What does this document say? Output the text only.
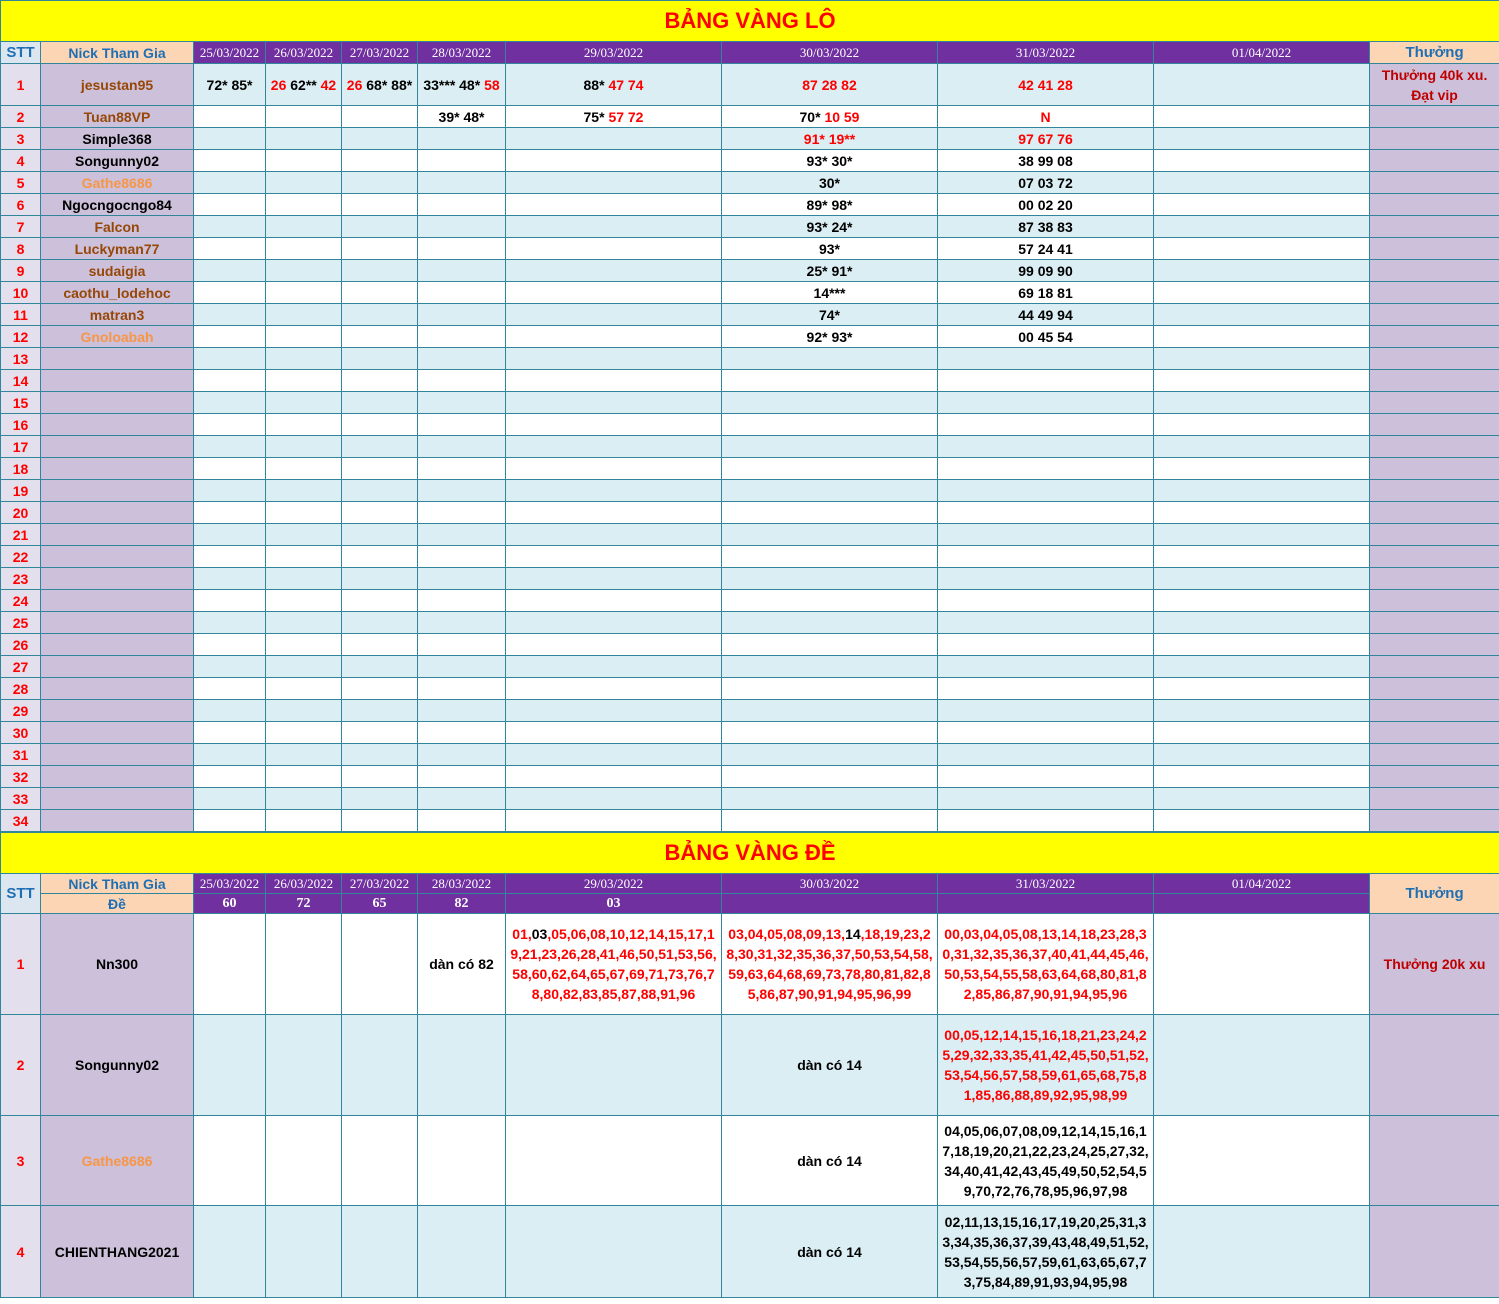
BẢNG VÀNG LÔ										
STT	Nick Tham Gia	25/03/2022	26/03/2022	27/03/2022	28/03/2022	29/03/2022	30/03/2022	31/03/2022	01/04/2022	Thưởng
1	jesustan95	72* 85*	26 62** 42	26 68* 88*	33*** 48* 58	88* 47 74	87 28 82	42 41 28		Thưởng 40k xu. Đạt vip
2	Tuan88VP				39* 48*	75* 57 72	70* 10 59	N		
3	Simple368						91* 19**	97 67 76		
4	Songunny02						93* 30*	38 99 08		
5	Gathe8686						30*	07 03 72		
6	Ngocngocngo84						89* 98*	00 02 20		
7	Falcon						93* 24*	87 38 83		
8	Luckyman77						93*	57 24 41		
9	sudaigia						25* 91*	99 09 90		
10	caothu_lodehoc						14***	69 18 81		
11	matran3						74*	44 49 94		
12	Gnoloabah						92* 93*	00 45 54		
13										
14										
15										
16										
17										
18										
19										
20										
21										
22										
23										
24										
25										
26										
27										
28										
29										
30										
31										
32										
33										
34										
BẢNG VÀNG ĐỀ										
STT	Nick Tham Gia	25/03/2022	26/03/2022	27/03/2022	28/03/2022	29/03/2022	30/03/2022	31/03/2022	01/04/2022	Thưởng
	Đề	60	72	65	82	03				
1	Nn300				dàn có 82	01,03,05,06,08,10,12,14,15,17,19,21,23,26,28,41,46,50,51,53,56,58,60,62,64,65,67,69,71,73,76,78,80,82,83,85,87,88,91,96	03,04,05,08,09,13,14,18,19,23,28,30,31,32,35,36,37,50,53,54,58,59,63,64,68,69,73,78,80,81,82,85,86,87,90,91,94,95,96,99	00,03,04,05,08,13,14,18,23,28,30,31,32,35,36,37,40,41,44,45,46,50,53,54,55,58,63,64,68,80,81,82,85,86,87,90,91,94,95,96		Thưởng 20k xu
2	Songunny02						dàn có 14	00,05,12,14,15,16,18,21,23,24,25,29,32,33,35,41,42,45,50,51,52,53,54,56,57,58,59,61,65,68,75,81,85,86,88,89,92,95,98,99		
3	Gathe8686						dàn có 14	04,05,06,07,08,09,12,14,15,16,17,18,19,20,21,22,23,24,25,27,32,34,40,41,42,43,45,49,50,52,54,59,70,72,76,78,95,96,97,98		
4	CHIENTHANG2021						dàn có 14	02,11,13,15,16,17,19,20,25,31,33,34,35,36,37,39,43,48,49,51,52,53,54,55,56,57,59,61,63,65,67,73,75,84,89,91,93,94,95,98		
